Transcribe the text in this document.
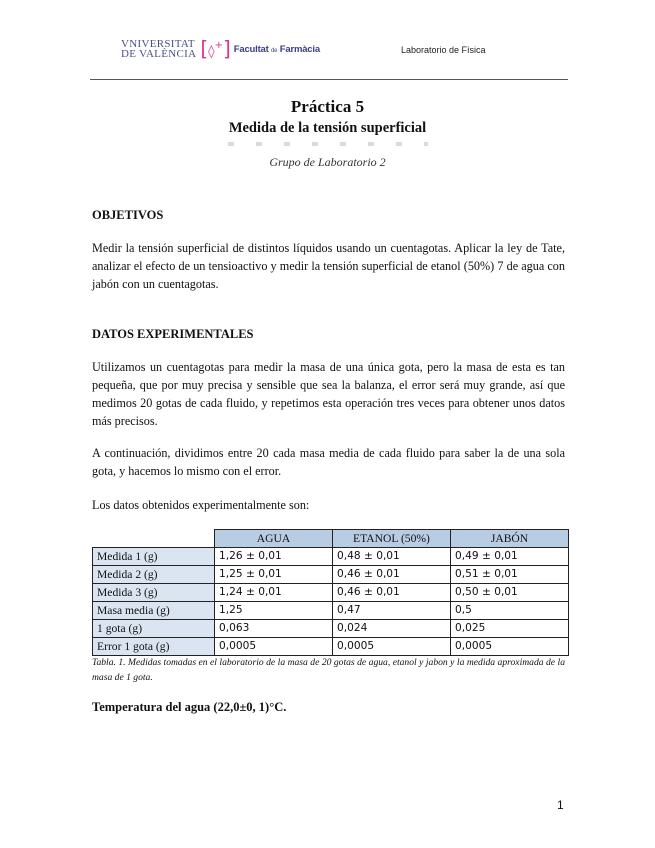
VNIVERSITAT
DE VALÈNCIA [◊+] Facultat de Farmàcia	Laboratorio de Física
Práctica 5
Medida de la tensión superficial
Grupo de Laboratorio 2
OBJETIVOS
Medir la tensión superficial de distintos líquidos usando un cuentagotas. Aplicar la ley de Tate, analizar el efecto de un tensioactivo y medir la tensión superficial de etanol (50%) 7 de agua con jabón con un cuentagotas.
DATOS EXPERIMENTALES
Utilizamos un cuentagotas para medir la masa de una única gota, pero la masa de esta es tan pequeña, que por muy precisa y sensible que sea la balanza, el error será muy grande, así que medimos 20 gotas de cada fluido, y repetimos esta operación tres veces para obtener unos datos más precisos.
A continuación, dividimos entre 20 cada masa media de cada fluido para saber la de una sola gota, y hacemos lo mismo con el error.
Los datos obtenidos experimentalmente son:
	AGUA	ETANOL (50%)	JABÓN
Medida 1 (g)	1,26 ± 0,01	0,48 ± 0,01	0,49 ± 0,01
Medida 2 (g)	1,25 ± 0,01	0,46 ± 0,01	0,51 ± 0,01
Medida 3 (g)	1,24 ± 0,01	0,46 ± 0,01	0,50 ± 0,01
Masa media (g)	1,25	0,47	0,5
1 gota (g)	0,063	0,024	0,025
Error 1 gota (g)	0,0005	0,0005	0,0005
Tabla. 1. Medidas tomadas en el laboratorio de la masa de 20 gotas de agua, etanol y jabon y la medida aproximada de la masa de 1 gota.
Temperatura del agua (22,0±0, 1)°C.
1
